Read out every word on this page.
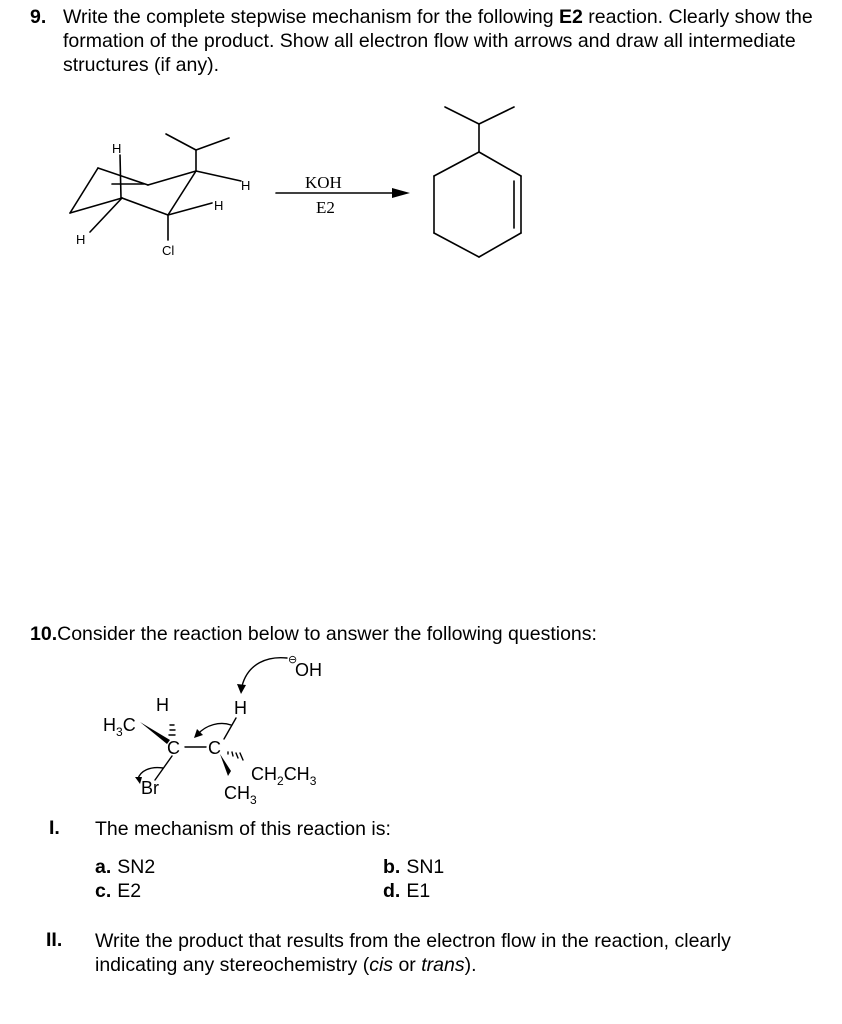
9. Write the complete stepwise mechanism for the following E2 reaction. Clearly show the formation of the product. Show all electron flow with arrows and draw all intermediate structures (if any).
H
H
H
H
Cl
KOH
E2
10.Consider the reaction below to answer the following questions:
⊖
OH
H	H
$H_3C$
C C
$CH_2CH_3$
$CH_3$
Br
I. The mechanism of this reaction is:
a. SN2	b. SN1
c. E2	d. E1
II. Write the product that results from the electron flow in the reaction, clearly indicating any stereochemistry (cis or trans).
